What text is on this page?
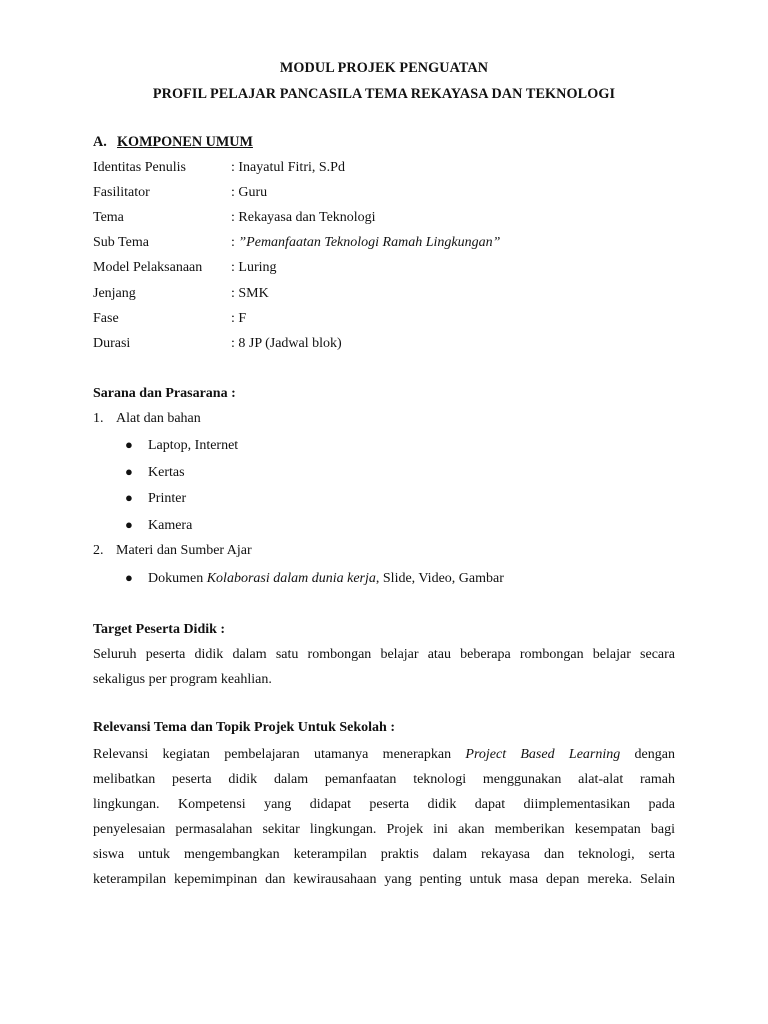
MODUL PROJEK PENGUATAN
PROFIL PELAJAR PANCASILA TEMA REKAYASA DAN TEKNOLOGI
A. KOMPONEN UMUM
Identitas Penulis	: Inayatul Fitri, S.Pd
Fasilitator	: Guru
Tema	: Rekayasa dan Teknologi
Sub Tema	: ”Pemanfaatan Teknologi Ramah Lingkungan”
Model Pelaksanaan : Luring
Jenjang	: SMK
Fase	: F
Durasi	: 8 JP (Jadwal blok)
Sarana dan Prasarana :
1. Alat dan bahan
● Laptop, Internet
● Kertas
● Printer
● Kamera
2. Materi dan Sumber Ajar
● Dokumen Kolaborasi dalam dunia kerja, Slide, Video, Gambar
Target Peserta Didik :
Seluruh peserta didik dalam satu rombongan belajar atau beberapa rombongan belajar secara
sekaligus per program keahlian.
Relevansi Tema dan Topik Projek Untuk Sekolah :
Relevansi kegiatan pembelajaran utamanya menerapkan Project Based Learning dengan
melibatkan peserta didik dalam pemanfaatan teknologi menggunakan alat-alat ramah
lingkungan. Kompetensi yang didapat peserta didik dapat diimplementasikan pada
penyelesaian permasalahan sekitar lingkungan. Projek ini akan memberikan kesempatan bagi
siswa untuk mengembangkan keterampilan praktis dalam rekayasa dan teknologi, serta
keterampilan kepemimpinan dan kewirausahaan yang penting untuk masa depan mereka. Selain
